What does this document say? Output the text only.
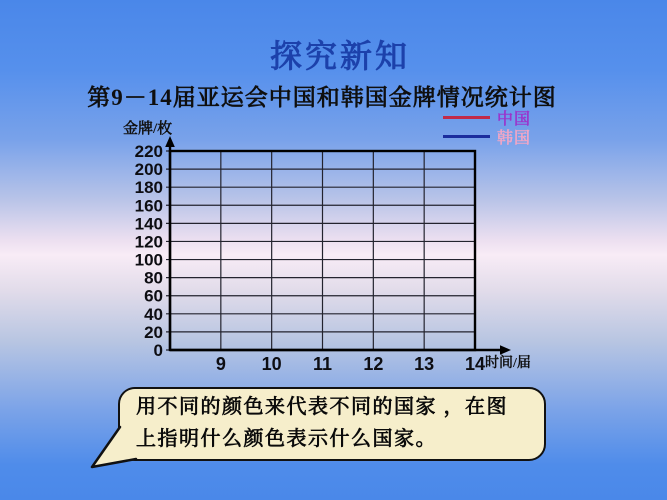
探究新知
第9－14届亚运会中国和韩国金牌情况统计图
金牌/枚
0
20
40
60
80
100
120
140
160
180
200
220
9 10 11 12 13 14 时间/届
中国
韩国
用不同的颜色来代表不同的国家 ，在图
上指明什么颜色表示什么国家。
